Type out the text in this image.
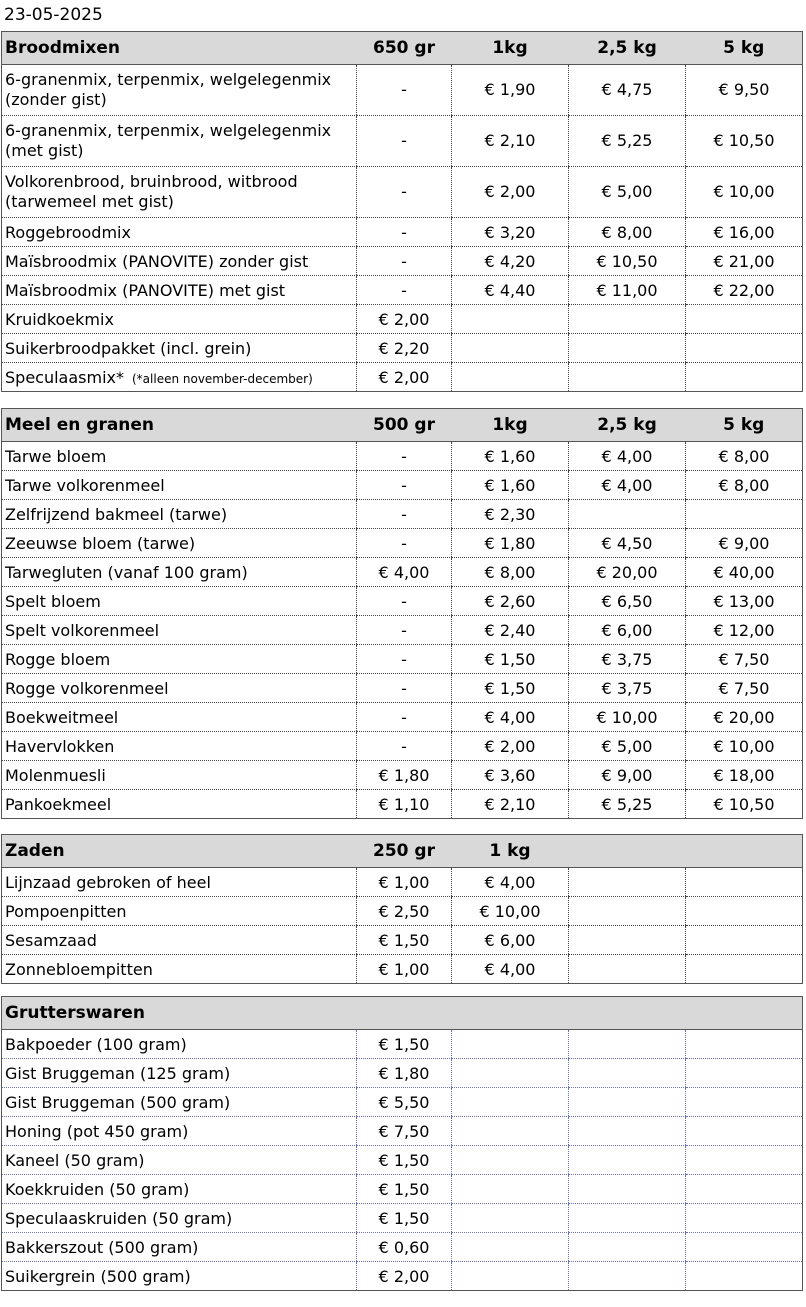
23-05-2025
Broodmixen	650 gr	1kg	2,5 kg	5 kg
6-granenmix, terpenmix, welgelegenmix (zonder gist)	-	€ 1,90	€ 4,75	€ 9,50
6-granenmix, terpenmix, welgelegenmix (met gist)	-	€ 2,10	€ 5,25	€ 10,50
Volkorenbrood, bruinbrood, witbrood (tarwemeel met gist)	-	€ 2,00	€ 5,00	€ 10,00
Roggebroodmix	-	€ 3,20	€ 8,00	€ 16,00
Maïsbroodmix (PANOVITE) zonder gist	-	€ 4,20	€ 10,50	€ 21,00
Maïsbroodmix (PANOVITE) met gist	-	€ 4,40	€ 11,00	€ 22,00
Kruidkoekmix	€ 2,00			
Suikerbroodpakket (incl. grein)	€ 2,20			
Speculaasmix* (*alleen november-december)	€ 2,00			
Meel en granen	500 gr	1kg	2,5 kg	5 kg
Tarwe bloem	-	€ 1,60	€ 4,00	€ 8,00
Tarwe volkorenmeel	-	€ 1,60	€ 4,00	€ 8,00
Zelfrijzend bakmeel (tarwe)	-	€ 2,30		
Zeeuwse bloem (tarwe)	-	€ 1,80	€ 4,50	€ 9,00
Tarwegluten (vanaf 100 gram)	€ 4,00	€ 8,00	€ 20,00	€ 40,00
Spelt bloem	-	€ 2,60	€ 6,50	€ 13,00
Spelt volkorenmeel	-	€ 2,40	€ 6,00	€ 12,00
Rogge bloem	-	€ 1,50	€ 3,75	€ 7,50
Rogge volkorenmeel	-	€ 1,50	€ 3,75	€ 7,50
Boekweitmeel	-	€ 4,00	€ 10,00	€ 20,00
Havervlokken	-	€ 2,00	€ 5,00	€ 10,00
Molenmuesli	€ 1,80	€ 3,60	€ 9,00	€ 18,00
Pankoekmeel	€ 1,10	€ 2,10	€ 5,25	€ 10,50
Zaden	250 gr	1 kg		
Lijnzaad gebroken of heel	€ 1,00	€ 4,00		
Pompoenpitten	€ 2,50	€ 10,00		
Sesamzaad	€ 1,50	€ 6,00		
Zonnebloempitten	€ 1,00	€ 4,00		
Grutterswaren				
Bakpoeder (100 gram)	€ 1,50			
Gist Bruggeman (125 gram)	€ 1,80			
Gist Bruggeman (500 gram)	€ 5,50			
Honing (pot 450 gram)	€ 7,50			
Kaneel (50 gram)	€ 1,50			
Koekkruiden (50 gram)	€ 1,50			
Speculaaskruiden (50 gram)	€ 1,50			
Bakkerszout (500 gram)	€ 0,60			
Suikergrein (500 gram)	€ 2,00			
